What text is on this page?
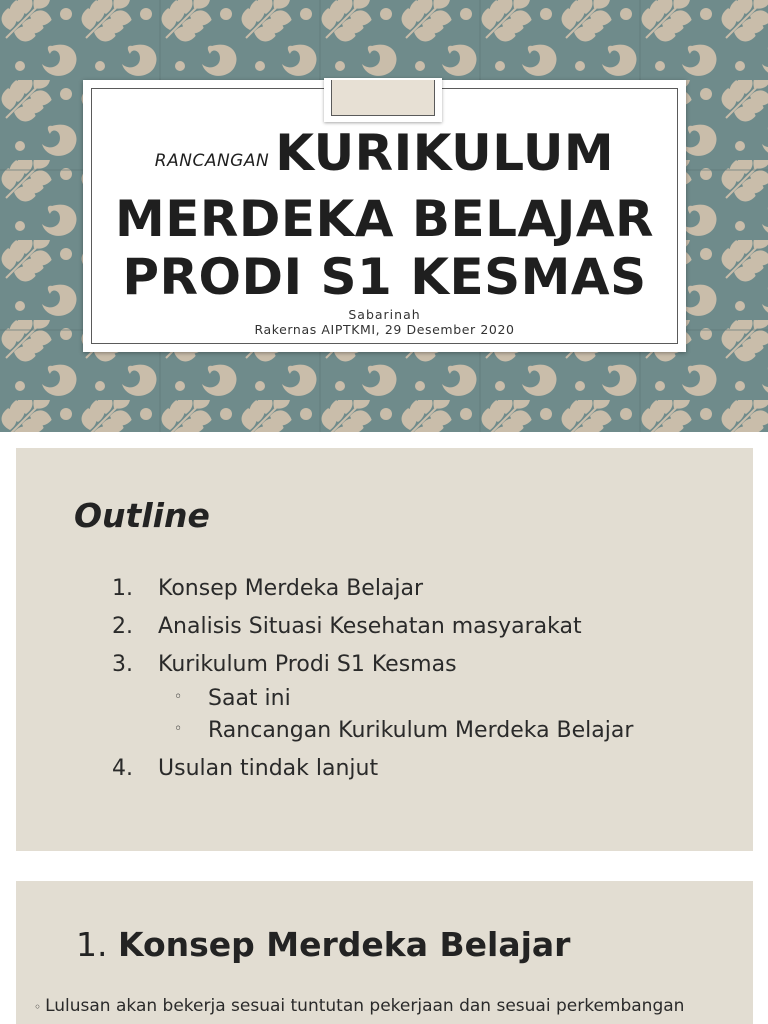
RANCANGAN KURIKULUM
MERDEKA BELAJAR
PRODI S1 KESMAS
Sabarinah
Rakernas AIPTKMI, 29 Desember 2020
Outline
1. Konsep Merdeka Belajar
2. Analisis Situasi Kesehatan masyarakat
3. Kurikulum Prodi S1 Kesmas
◦ Saat ini
◦ Rancangan Kurikulum Merdeka Belajar
4. Usulan tindak lanjut
1. Konsep Merdeka Belajar
◦ Lulusan akan bekerja sesuai tuntutan pekerjaan dan sesuai perkembangan
